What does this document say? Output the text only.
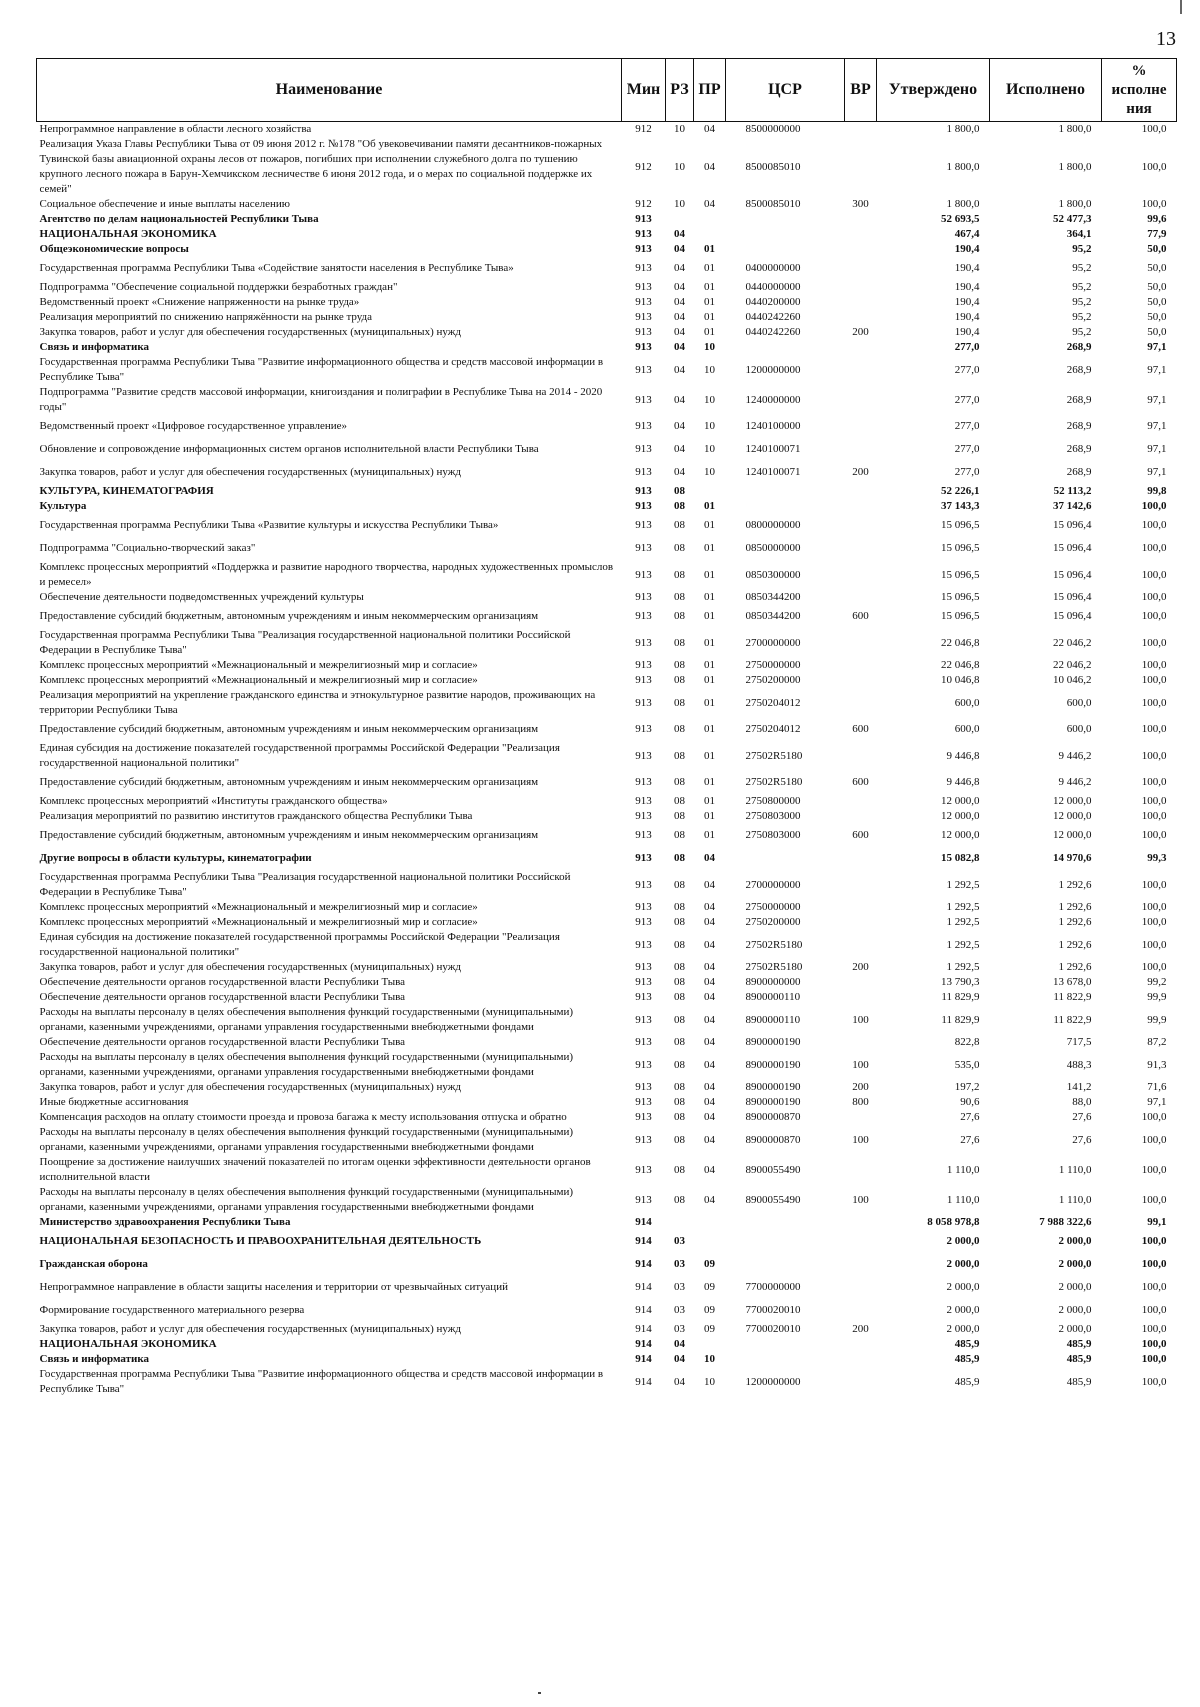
13
Наименование	Мин	РЗ	ПР	ЦСР	ВР	Утверждено	Исполнено	%
исполне
ния

Непрограммное направление в области лесного хозяйства	912	10	04	8500000000		1 800,0	1 800,0	100,0
Реализация Указа Главы Республики Тыва от 09 июня 2012 г. №178 "Об увековечивании памяти десантников-пожарных Тувинской базы авиационной охраны лесов от пожаров, погибших при исполнении служебного долга по тушению крупного лесного пожара в Барун-Хемчикском лесничестве 6 июня 2012 года, и о мерах по социальной поддержке их семей"	912	10	04	8500085010		1 800,0	1 800,0	100,0
Социальное обеспечение и иные выплаты населению	912	10	04	8500085010	300	1 800,0	1 800,0	100,0
Агентство по делам национальностей Республики Тыва	913					52 693,5	52 477,3	99,6
НАЦИОНАЛЬНАЯ ЭКОНОМИКА	913	04				467,4	364,1	77,9
Общеэкономические вопросы	913	04	01			190,4	95,2	50,0
Государственная программа Республики Тыва «Содействие занятости населения в Республике Тыва»	913	04	01	0400000000		190,4	95,2	50,0
Подпрограмма "Обеспечение социальной поддержки безработных граждан"	913	04	01	0440000000		190,4	95,2	50,0
Ведомственный проект «Снижение напряженности на рынке труда»	913	04	01	0440200000		190,4	95,2	50,0
Реализация мероприятий по снижению напряжённости на рынке труда	913	04	01	0440242260		190,4	95,2	50,0
Закупка товаров, работ и услуг для обеспечения государственных (муниципальных) нужд	913	04	01	0440242260	200	190,4	95,2	50,0
Связь и информатика	913	04	10			277,0	268,9	97,1
Государственная программа Республики Тыва "Развитие информационного общества и средств массовой информации в Республике Тыва"	913	04	10	1200000000		277,0	268,9	97,1
Подпрограмма "Развитие средств массовой информации, книгоиздания и полиграфии в Республике Тыва на 2014 - 2020 годы"	913	04	10	1240000000		277,0	268,9	97,1
Ведомственный проект «Цифровое государственное управление»	913	04	10	1240100000		277,0	268,9	97,1
Обновление и сопровождение информационных систем органов исполнительной власти Республики Тыва	913	04	10	1240100071		277,0	268,9	97,1
Закупка товаров, работ и услуг для обеспечения государственных (муниципальных) нужд	913	04	10	1240100071	200	277,0	268,9	97,1
КУЛЬТУРА, КИНЕМАТОГРАФИЯ	913	08				52 226,1	52 113,2	99,8
Культура	913	08	01			37 143,3	37 142,6	100,0
Государственная программа Республики Тыва «Развитие культуры и искусства Республики Тыва»	913	08	01	0800000000		15 096,5	15 096,4	100,0
Подпрограмма "Социально-творческий заказ"	913	08	01	0850000000		15 096,5	15 096,4	100,0
Комплекс процессных мероприятий «Поддержка и развитие народного творчества, народных художественных промыслов и ремесел»	913	08	01	0850300000		15 096,5	15 096,4	100,0
Обеспечение деятельности подведомственных учреждений культуры	913	08	01	0850344200		15 096,5	15 096,4	100,0
Предоставление субсидий бюджетным, автономным учреждениям и иным некоммерческим организациям	913	08	01	0850344200	600	15 096,5	15 096,4	100,0
Государственная программа Республики Тыва "Реализация государственной национальной политики Российской Федерации в Республике Тыва"	913	08	01	2700000000		22 046,8	22 046,2	100,0
Комплекс процессных мероприятий «Межнациональный и межрелигиозный мир и согласие»	913	08	01	2750000000		22 046,8	22 046,2	100,0
Комплекс процессных мероприятий «Межнациональный и межрелигиозный мир и согласие»	913	08	01	2750200000		10 046,8	10 046,2	100,0
Реализация мероприятий на укрепление гражданского единства и этнокультурное развитие народов, проживающих на территории Республики Тыва	913	08	01	2750204012		600,0	600,0	100,0
Предоставление субсидий бюджетным, автономным учреждениям и иным некоммерческим организациям	913	08	01	2750204012	600	600,0	600,0	100,0
Единая субсидия на достижение показателей государственной программы Российской Федерации "Реализация государственной национальной политики"	913	08	01	27502R5180		9 446,8	9 446,2	100,0
Предоставление субсидий бюджетным, автономным учреждениям и иным некоммерческим организациям	913	08	01	27502R5180	600	9 446,8	9 446,2	100,0
Комплекс процессных мероприятий «Институты гражданского общества»	913	08	01	2750800000		12 000,0	12 000,0	100,0
Реализация мероприятий по развитию институтов гражданского общества Республики Тыва	913	08	01	2750803000		12 000,0	12 000,0	100,0
Предоставление субсидий бюджетным, автономным учреждениям и иным некоммерческим организациям	913	08	01	2750803000	600	12 000,0	12 000,0	100,0
Другие вопросы в области культуры, кинематографии	913	08	04			15 082,8	14 970,6	99,3
Государственная программа Республики Тыва "Реализация государственной национальной политики Российской Федерации в Республике Тыва"	913	08	04	2700000000		1 292,5	1 292,6	100,0
Комплекс процессных мероприятий «Межнациональный и межрелигиозный мир и согласие»	913	08	04	2750000000		1 292,5	1 292,6	100,0
Комплекс процессных мероприятий «Межнациональный и межрелигиозный мир и согласие»	913	08	04	2750200000		1 292,5	1 292,6	100,0
Единая субсидия на достижение показателей государственной программы Российской Федерации "Реализация государственной национальной политики"	913	08	04	27502R5180		1 292,5	1 292,6	100,0
Закупка товаров, работ и услуг для обеспечения государственных (муниципальных) нужд	913	08	04	27502R5180	200	1 292,5	1 292,6	100,0
Обеспечение деятельности органов государственной власти Республики Тыва	913	08	04	8900000000		13 790,3	13 678,0	99,2
Обеспечение деятельности органов государственной власти Республики Тыва	913	08	04	8900000110		11 829,9	11 822,9	99,9
Расходы на выплаты персоналу в целях обеспечения выполнения функций государственными (муниципальными) органами, казенными учреждениями, органами управления государственными внебюджетными фондами	913	08	04	8900000110	100	11 829,9	11 822,9	99,9
Обеспечение деятельности органов государственной власти Республики Тыва	913	08	04	8900000190		822,8	717,5	87,2
Расходы на выплаты персоналу в целях обеспечения выполнения функций государственными (муниципальными) органами, казенными учреждениями, органами управления государственными внебюджетными фондами	913	08	04	8900000190	100	535,0	488,3	91,3
Закупка товаров, работ и услуг для обеспечения государственных (муниципальных) нужд	913	08	04	8900000190	200	197,2	141,2	71,6
Иные бюджетные ассигнования	913	08	04	8900000190	800	90,6	88,0	97,1
Компенсация расходов на оплату стоимости проезда и провоза багажа к месту использования отпуска и обратно	913	08	04	8900000870		27,6	27,6	100,0
Расходы на выплаты персоналу в целях обеспечения выполнения функций государственными (муниципальными) органами, казенными учреждениями, органами управления государственными внебюджетными фондами	913	08	04	8900000870	100	27,6	27,6	100,0
Поощрение за достижение наилучших значений показателей по итогам оценки эффективности деятельности органов исполнительной власти	913	08	04	8900055490		1 110,0	1 110,0	100,0
Расходы на выплаты персоналу в целях обеспечения выполнения функций государственными (муниципальными) органами, казенными учреждениями, органами управления государственными внебюджетными фондами	913	08	04	8900055490	100	1 110,0	1 110,0	100,0
Министерство здравоохранения Республики Тыва	914					8 058 978,8	7 988 322,6	99,1
НАЦИОНАЛЬНАЯ БЕЗОПАСНОСТЬ И ПРАВООХРАНИТЕЛЬНАЯ ДЕЯТЕЛЬНОСТЬ	914	03				2 000,0	2 000,0	100,0
Гражданская оборона	914	03	09			2 000,0	2 000,0	100,0
Непрограммное направление в области защиты населения и территории от чрезвычайных ситуаций	914	03	09	7700000000		2 000,0	2 000,0	100,0
Формирование государственного материального резерва	914	03	09	7700020010		2 000,0	2 000,0	100,0
Закупка товаров, работ и услуг для обеспечения государственных (муниципальных) нужд	914	03	09	7700020010	200	2 000,0	2 000,0	100,0
НАЦИОНАЛЬНАЯ ЭКОНОМИКА	914	04				485,9	485,9	100,0
Связь и информатика	914	04	10			485,9	485,9	100,0
Государственная программа Республики Тыва "Развитие информационного общества и средств массовой информации в Республике Тыва"	914	04	10	1200000000		485,9	485,9	100,0
